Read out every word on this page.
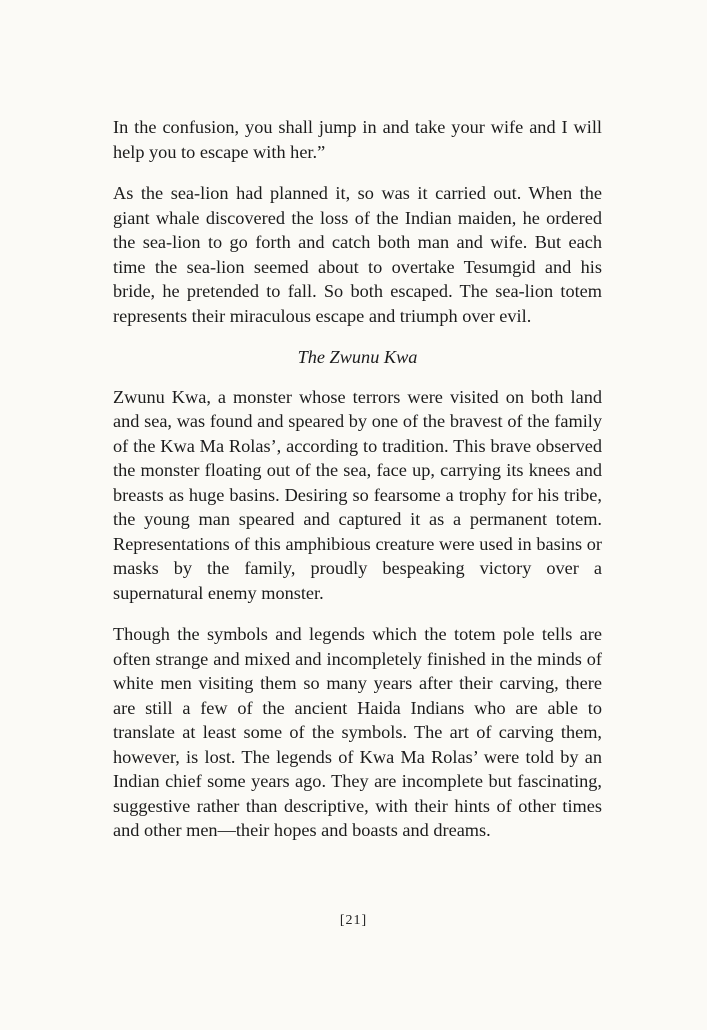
In the confusion, you shall jump in and take your wife and I will help you to escape with her.”

As the sea-lion had planned it, so was it carried out. When the giant whale discovered the loss of the Indian maiden, he ordered the sea-lion to go forth and catch both man and wife. But each time the sea-lion seemed about to overtake Tesumgid and his bride, he pretended to fall. So both escaped. The sea-lion totem represents their miraculous escape and triumph over evil.

The Zwunu Kwa

Zwunu Kwa, a monster whose terrors were visited on both land and sea, was found and speared by one of the bravest of the family of the Kwa Ma Rolas’, according to tradition. This brave observed the monster floating out of the sea, face up, carrying its knees and breasts as huge basins. Desiring so fearsome a trophy for his tribe, the young man speared and captured it as a permanent totem. Representations of this amphibious creature were used in basins or masks by the family, proudly bespeaking victory over a supernatural enemy monster.

Though the symbols and legends which the totem pole tells are often strange and mixed and incompletely finished in the minds of white men visiting them so many years after their carving, there are still a few of the ancient Haida Indians who are able to translate at least some of the symbols. The art of carving them, however, is lost. The legends of Kwa Ma Rolas’ were told by an Indian chief some years ago. They are incomplete but fascinating, suggestive rather than descriptive, with their hints of other times and other men—their hopes and boasts and dreams.

[21]
